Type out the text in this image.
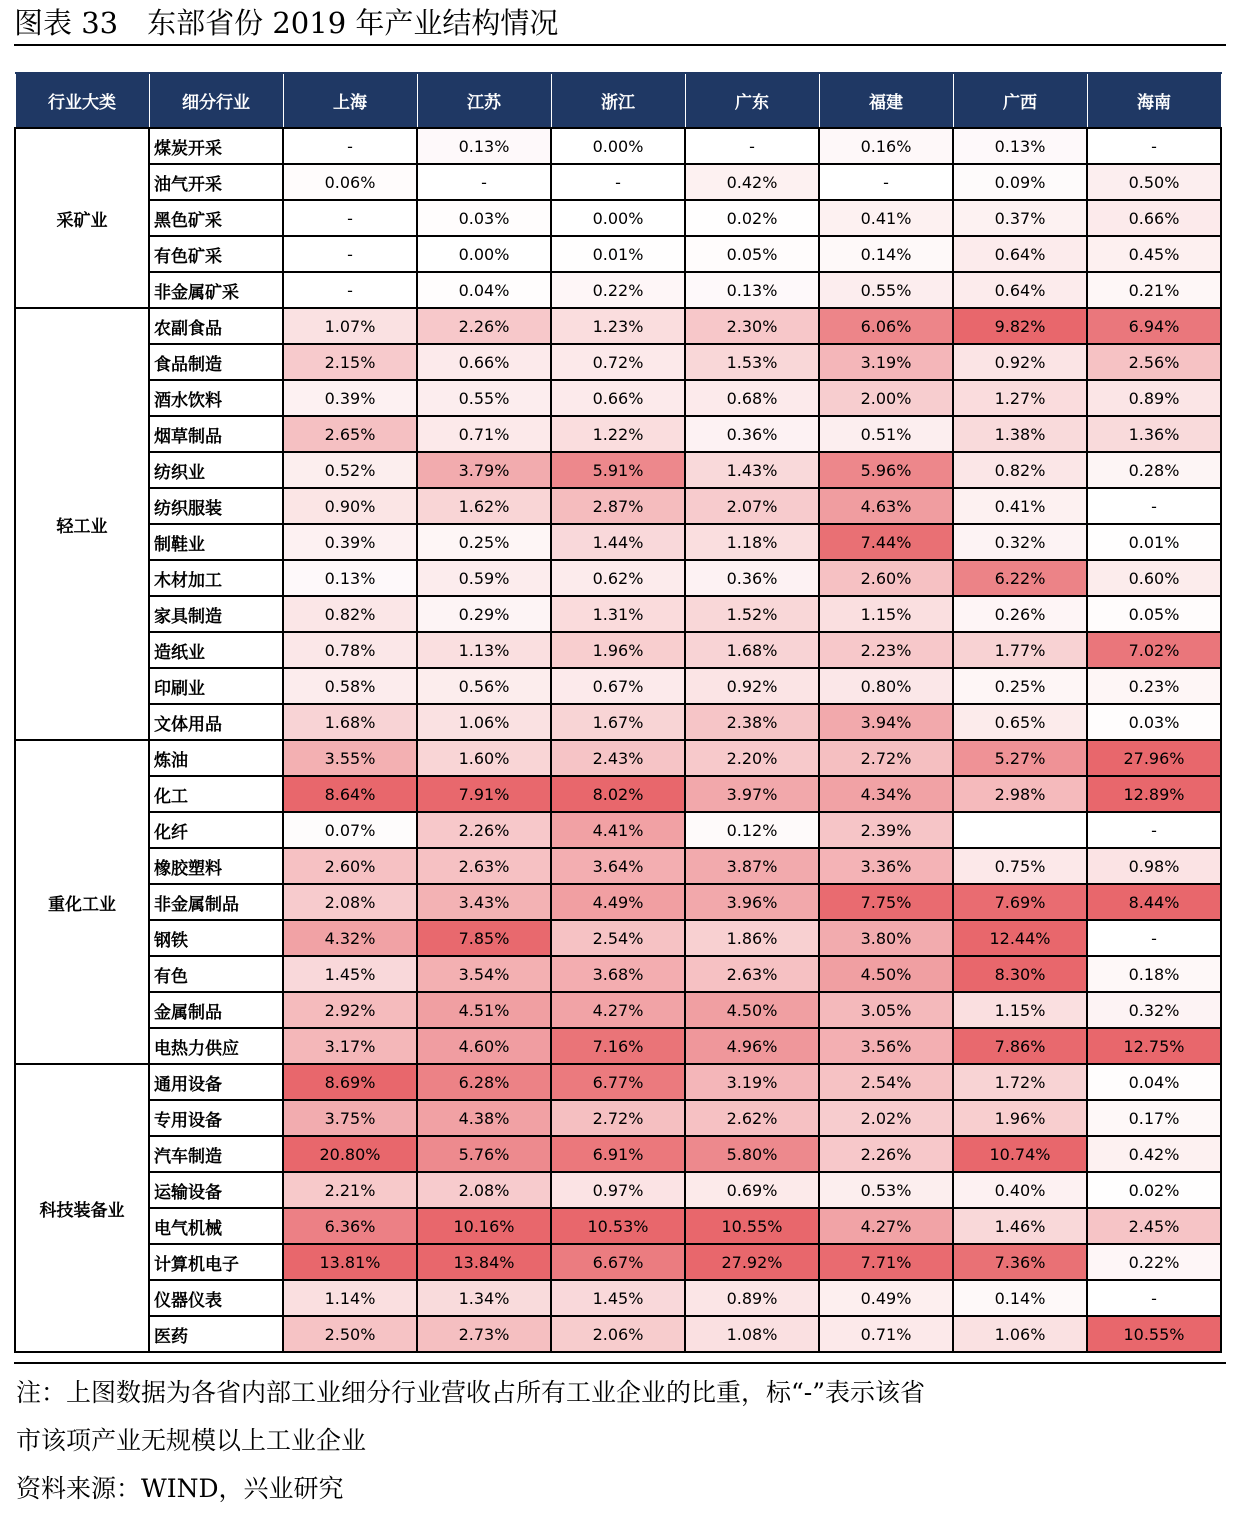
图表 33　东部省份 2019 年产业结构情况
行业大类	细分行业	上海	江苏	浙江	广东	福建	广西	海南
采矿业	煤炭开采	-	0.13%	0.00%	-	0.16%	0.13%	-
	油气开采	0.06%	-	-	0.42%	-	0.09%	0.50%
	黑色矿采	-	0.03%	0.00%	0.02%	0.41%	0.37%	0.66%
	有色矿采	-	0.00%	0.01%	0.05%	0.14%	0.64%	0.45%
	非金属矿采	-	0.04%	0.22%	0.13%	0.55%	0.64%	0.21%
轻工业	农副食品	1.07%	2.26%	1.23%	2.30%	6.06%	9.82%	6.94%
	食品制造	2.15%	0.66%	0.72%	1.53%	3.19%	0.92%	2.56%
	酒水饮料	0.39%	0.55%	0.66%	0.68%	2.00%	1.27%	0.89%
	烟草制品	2.65%	0.71%	1.22%	0.36%	0.51%	1.38%	1.36%
	纺织业	0.52%	3.79%	5.91%	1.43%	5.96%	0.82%	0.28%
	纺织服装	0.90%	1.62%	2.87%	2.07%	4.63%	0.41%	-
	制鞋业	0.39%	0.25%	1.44%	1.18%	7.44%	0.32%	0.01%
	木材加工	0.13%	0.59%	0.62%	0.36%	2.60%	6.22%	0.60%
	家具制造	0.82%	0.29%	1.31%	1.52%	1.15%	0.26%	0.05%
	造纸业	0.78%	1.13%	1.96%	1.68%	2.23%	1.77%	7.02%
	印刷业	0.58%	0.56%	0.67%	0.92%	0.80%	0.25%	0.23%
	文体用品	1.68%	1.06%	1.67%	2.38%	3.94%	0.65%	0.03%
重化工业	炼油	3.55%	1.60%	2.43%	2.20%	2.72%	5.27%	27.96%
	化工	8.64%	7.91%	8.02%	3.97%	4.34%	2.98%	12.89%
	化纤	0.07%	2.26%	4.41%	0.12%	2.39%		-
	橡胶塑料	2.60%	2.63%	3.64%	3.87%	3.36%	0.75%	0.98%
	非金属制品	2.08%	3.43%	4.49%	3.96%	7.75%	7.69%	8.44%
	钢铁	4.32%	7.85%	2.54%	1.86%	3.80%	12.44%	-
	有色	1.45%	3.54%	3.68%	2.63%	4.50%	8.30%	0.18%
	金属制品	2.92%	4.51%	4.27%	4.50%	3.05%	1.15%	0.32%
	电热力供应	3.17%	4.60%	7.16%	4.96%	3.56%	7.86%	12.75%
科技装备业	通用设备	8.69%	6.28%	6.77%	3.19%	2.54%	1.72%	0.04%
	专用设备	3.75%	4.38%	2.72%	2.62%	2.02%	1.96%	0.17%
	汽车制造	20.80%	5.76%	6.91%	5.80%	2.26%	10.74%	0.42%
	运输设备	2.21%	2.08%	0.97%	0.69%	0.53%	0.40%	0.02%
	电气机械	6.36%	10.16%	10.53%	10.55%	4.27%	1.46%	2.45%
	计算机电子	13.81%	13.84%	6.67%	27.92%	7.71%	7.36%	0.22%
	仪器仪表	1.14%	1.34%	1.45%	0.89%	0.49%	0.14%	-
	医药	2.50%	2.73%	2.06%	1.08%	0.71%	1.06%	10.55%
注：上图数据为各省内部工业细分行业营收占所有工业企业的比重，标“-”表示该省
市该项产业无规模以上工业企业
资料来源：WIND，兴业研究
